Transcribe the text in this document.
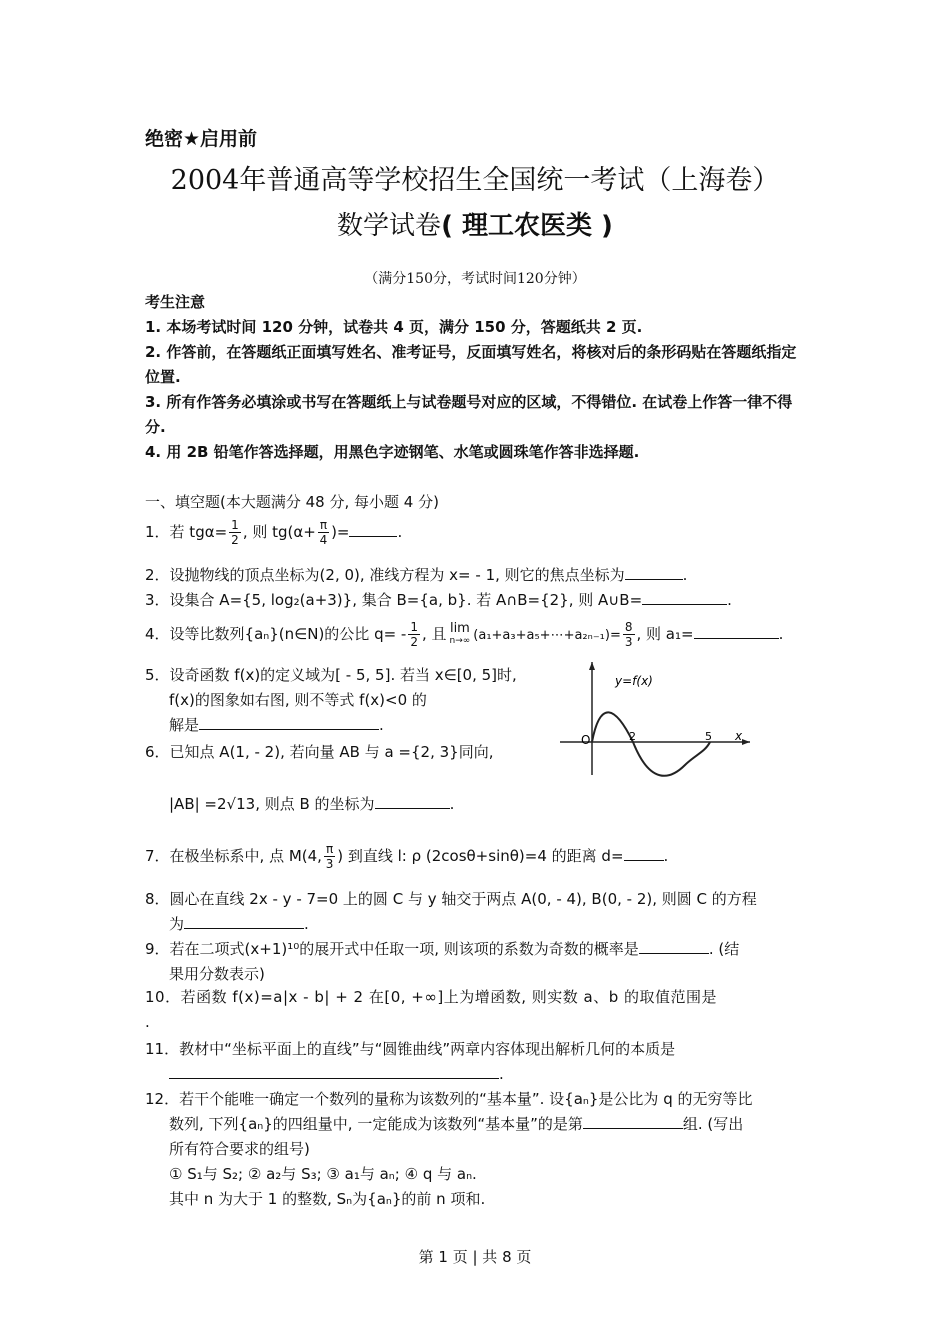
绝密★启用前
2004年普通高等学校招生全国统一考试（上海卷）
数学试卷( 理工农医类 )
（满分150分，考试时间120分钟）
考生注意
1. 本场考试时间 120 分钟，试卷共 4 页，满分 150 分，答题纸共 2 页.
2. 作答前，在答题纸正面填写姓名、准考证号，反面填写姓名，将核对后的条形码贴在答题纸指定位置.
3. 所有作答务必填涂或书写在答题纸上与试卷题号对应的区域，不得错位. 在试卷上作答一律不得分.
4. 用 2B 铅笔作答选择题，用黑色字迹钢笔、水笔或圆珠笔作答非选择题.
一、填空题(本大题满分 48 分, 每小题 4 分)
1．若 $tg\alpha= \frac{1}{2}$ , 则 $tg(\alpha+ \frac{\pi}{4}$ )=	.
2．设抛物线的顶点坐标为(2, 0), 准线方程为 x= - 1, 则它的焦点坐标为	.
3．设集合 A={5, log₂(a+3)}, 集合 B={a, b}. 若 A∩B={2}, 则 A∪B=	.
4．设等比数列{aₙ}(n∈N)的公比 $q= - \frac{1}{2}$ , 且 lim
n→∞ (a₁+a₃+a₅+⋯+a₂ₙ₋₁)= $\frac{8}{3}$ , 则 a₁=	.
5．设奇函数 f(x)的定义域为[ - 5, 5]. 若当 x∈[0, 5]时,
f(x)的图象如右图, 则不等式 f(x)<0 的
解是	.
y=f(x)
O	2	5 x
6．已知点 A(1, - 2), 若向量 AB 与 a ={2, 3}同向,
|AB| =2√13, 则点 B 的坐标为	.
7．在极坐标系中, 点 M(4, $\frac{\pi}{3}$ ) 到直线 l: ρ (2cosθ+sinθ)=4 的距离 d=	.
8．圆心在直线 2x - y - 7=0 上的圆 C 与 y 轴交于两点 A(0, - 4), B(0, - 2), 则圆 C 的方程
为	.
9．若在二项式(x+1)¹⁰的展开式中任取一项, 则该项的系数为奇数的概率是	. (结
果用分数表示)
10．若函数 f(x)=a|x - b| + 2 在[0, +∞]上为增函数, 则实数 a、b 的取值范围是
.
11．教材中“坐标平面上的直线”与“圆锥曲线”两章内容体现出解析几何的本质是
.
12．若干个能唯一确定一个数列的量称为该数列的“基本量”. 设{aₙ}是公比为 q 的无穷等比
数列, 下列{aₙ}的四组量中, 一定能成为该数列“基本量”的是第	组. (写出
所有符合要求的组号)
① S₁与 S₂; ② a₂与 S₃; ③ a₁与 aₙ; ④ q 与 aₙ.
其中 n 为大于 1 的整数, Sₙ为{aₙ}的前 n 项和.
第 1 页 | 共 8 页
